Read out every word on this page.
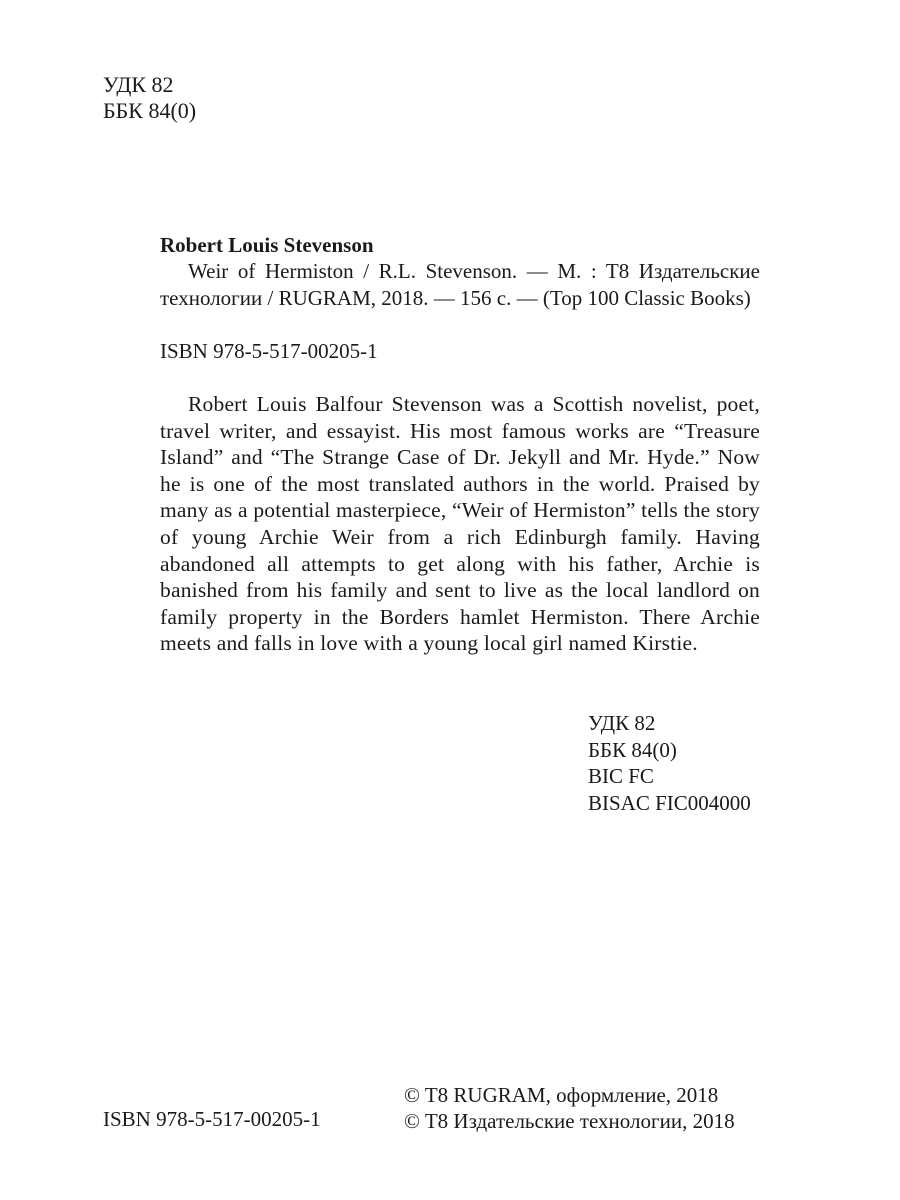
УДК 82
ББК 84(0)
Robert Louis Stevenson

Weir of Hermiston / R.L. Stevenson. — M. : T8 Издательские технологии / RUGRAM, 2018. — 156 с. — (Top 100 Classic Books)

ISBN 978-5-517-00205-1

Robert Louis Balfour Stevenson was a Scottish novelist, poet, travel writer, and essayist. His most famous works are “Treasure Island” and “The Strange Case of Dr. Jekyll and Mr. Hyde.” Now he is one of the most translated authors in the world. Praised by many as a potential masterpiece, “Weir of Hermiston” tells the story of young Archie Weir from a rich Edinburgh family. Having abandoned all attempts to get along with his father, Archie is banished from his family and sent to live as the local landlord on family property in the Borders hamlet Hermiston. There Archie meets and falls in love with a young local girl named Kirstie.

УДК 82
ББК 84(0)
BIC FC
BISAC FIC004000
ISBN 978-5-517-00205-1
© T8 RUGRAM, оформление, 2018
© T8 Издательские технологии, 2018
